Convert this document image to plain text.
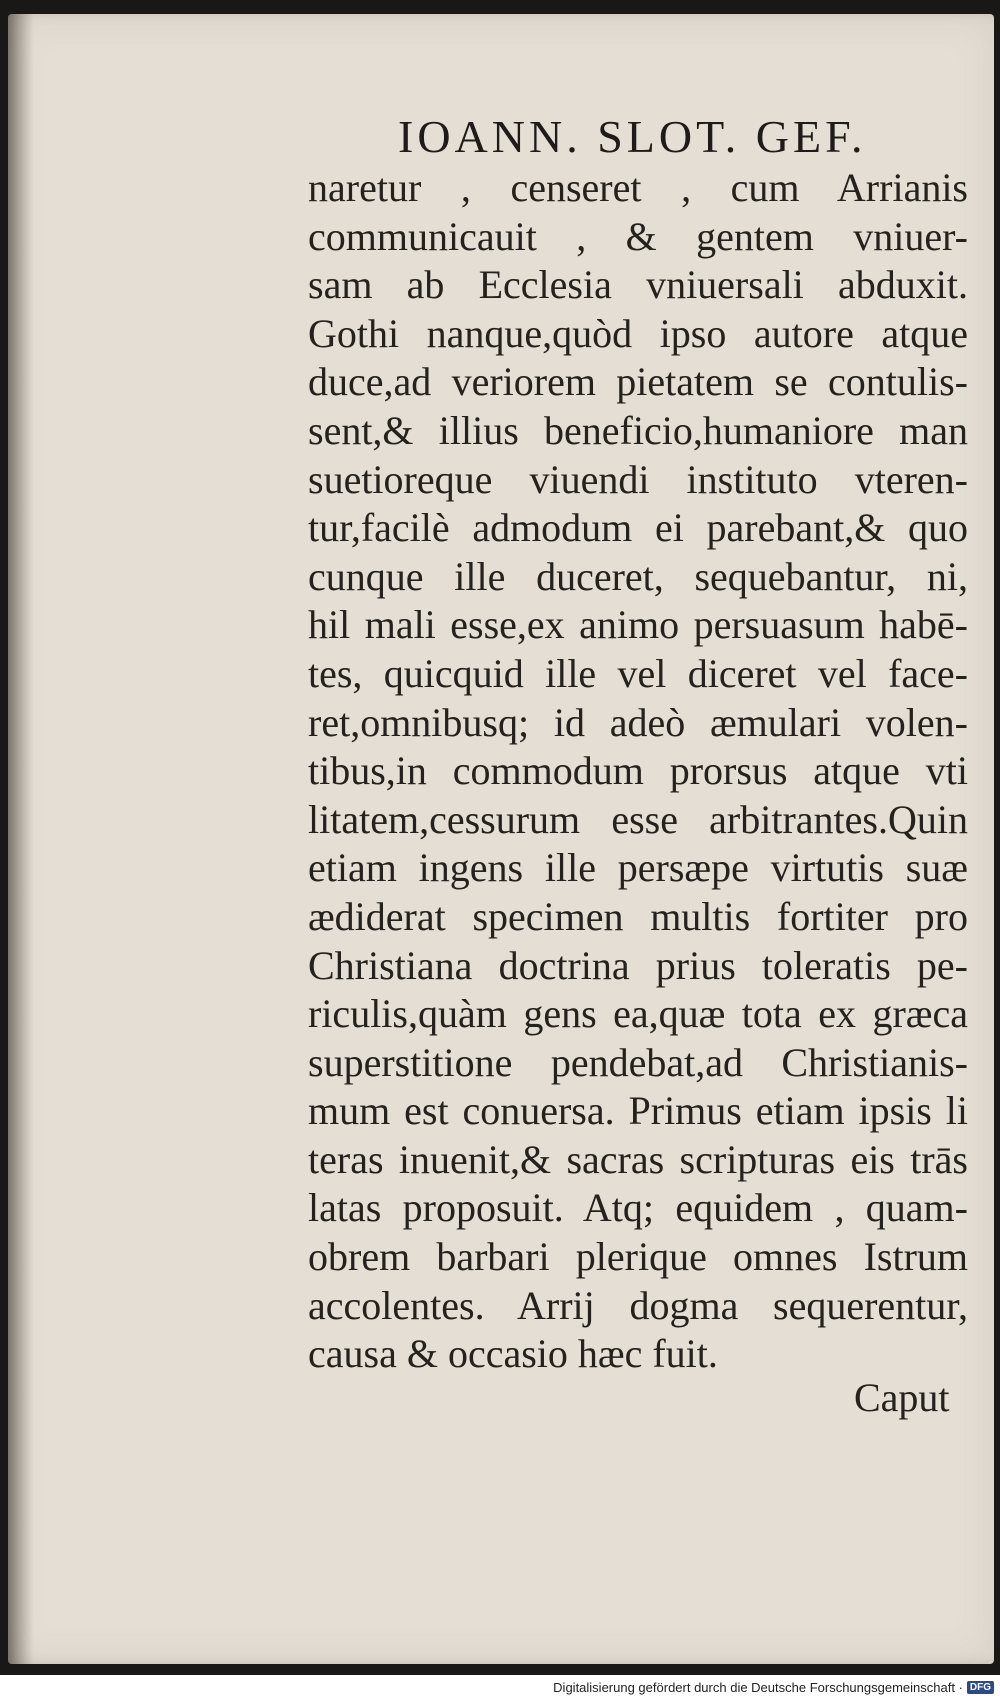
IOANN. SLOT. GEF.
naretur , censeret , cum Arrianis
communicauit , & gentem vniuer-
sam ab Ecclesia vniuersali abduxit.
Gothi nanque,quòd ipso autore atque
duce,ad veriorem pietatem se contulis-
sent,& illius beneficio,humaniore man
suetioreque viuendi instituto vteren-
tur,facilè admodum ei parebant,& quo
cunque ille duceret, sequebantur, ni,
hil mali esse,ex animo persuasum habē-
tes, quicquid ille vel diceret vel face-
ret,omnibusq; id adeò æmulari volen-
tibus,in commodum prorsus atque vti
litatem,cessurum esse arbitrantes.Quin
etiam ingens ille persæpe virtutis suæ
ædiderat specimen multis fortiter pro
Christiana doctrina prius toleratis pe-
riculis,quàm gens ea,quæ tota ex græca
superstitione pendebat,ad Christianis-
mum est conuersa. Primus etiam ipsis li
teras inuenit,& sacras scripturas eis trās
latas proposuit. Atq; equidem , quam-
obrem barbari plerique omnes Istrum
accolentes. Arrij dogma sequerentur,
causa & occasio hæc fuit.
Caput
Digitalisierung gefördert durch die Deutsche Forschungsgemeinschaft · DFG
